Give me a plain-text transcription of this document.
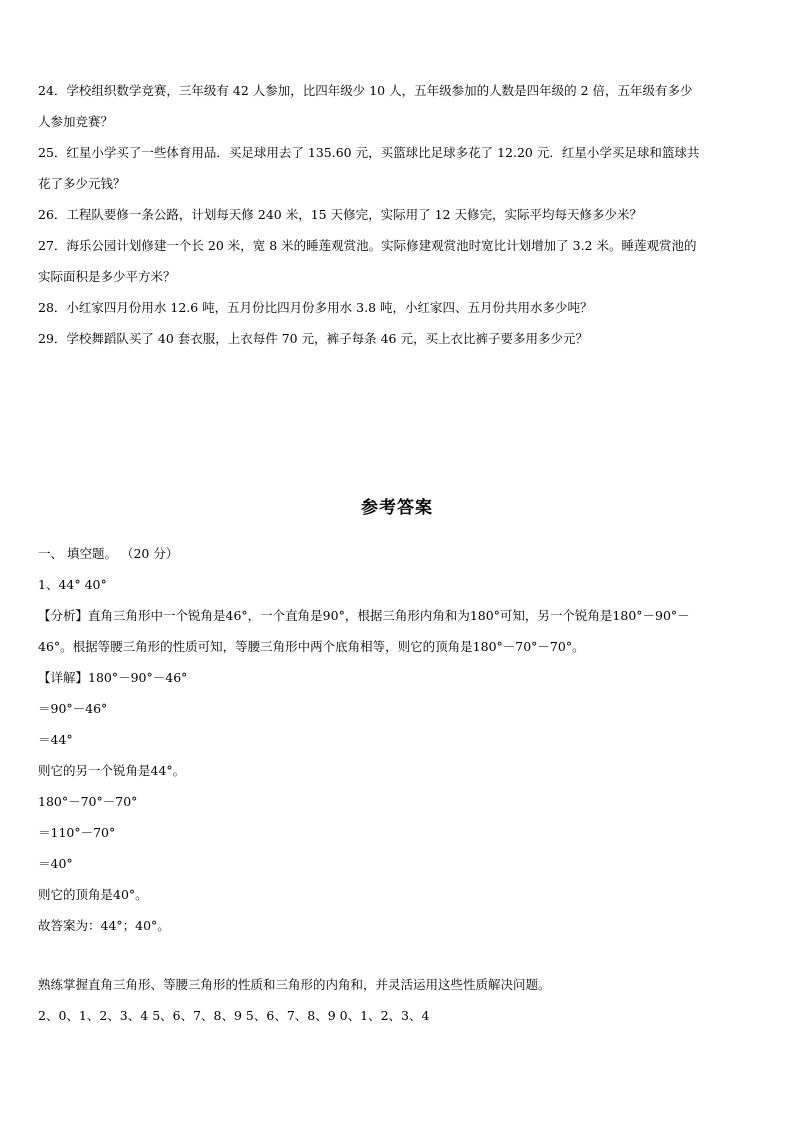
24．学校组织数学竞赛，三年级有 42 人参加，比四年级少 10 人，五年级参加的人数是四年级的 2 倍，五年级有多少
人参加竞赛？
25．红星小学买了一些体育用品．买足球用去了 135.60 元，买篮球比足球多花了 12.20 元．红星小学买足球和篮球共
花了多少元钱？
26．工程队要修一条公路，计划每天修 240 米，15 天修完，实际用了 12 天修完，实际平均每天修多少米？
27．海乐公园计划修建一个长 20 米，宽 8 米的睡莲观赏池。实际修建观赏池时宽比计划增加了 3.2 米。睡莲观赏池的
实际面积是多少平方米？
28．小红家四月份用水 12.6 吨，五月份比四月份多用水 3.8 吨，小红家四、五月份共用水多少吨？
29．学校舞蹈队买了 40 套衣服，上衣每件 70 元，裤子每条 46 元，买上衣比裤子要多用多少元？
参考答案
一、 填空题。 （20 分）
1、44° 40°
【分析】直角三角形中一个锐角是46°，一个直角是90°，根据三角形内角和为180°可知，另一个锐角是180°－90°－
46°。根据等腰三角形的性质可知，等腰三角形中两个底角相等，则它的顶角是180°－70°－70°。
【详解】180°－90°－46°
＝90°－46°
＝44°
则它的另一个锐角是44°。
180°－70°－70°
＝110°－70°
＝40°
则它的顶角是40°。
故答案为：44°；40°。
熟练掌握直角三角形、等腰三角形的性质和三角形的内角和，并灵活运用这些性质解决问题。
2、0、1、2、3、4 5、6、7、8、9 5、6、7、8、9 0、1、2、3、4
